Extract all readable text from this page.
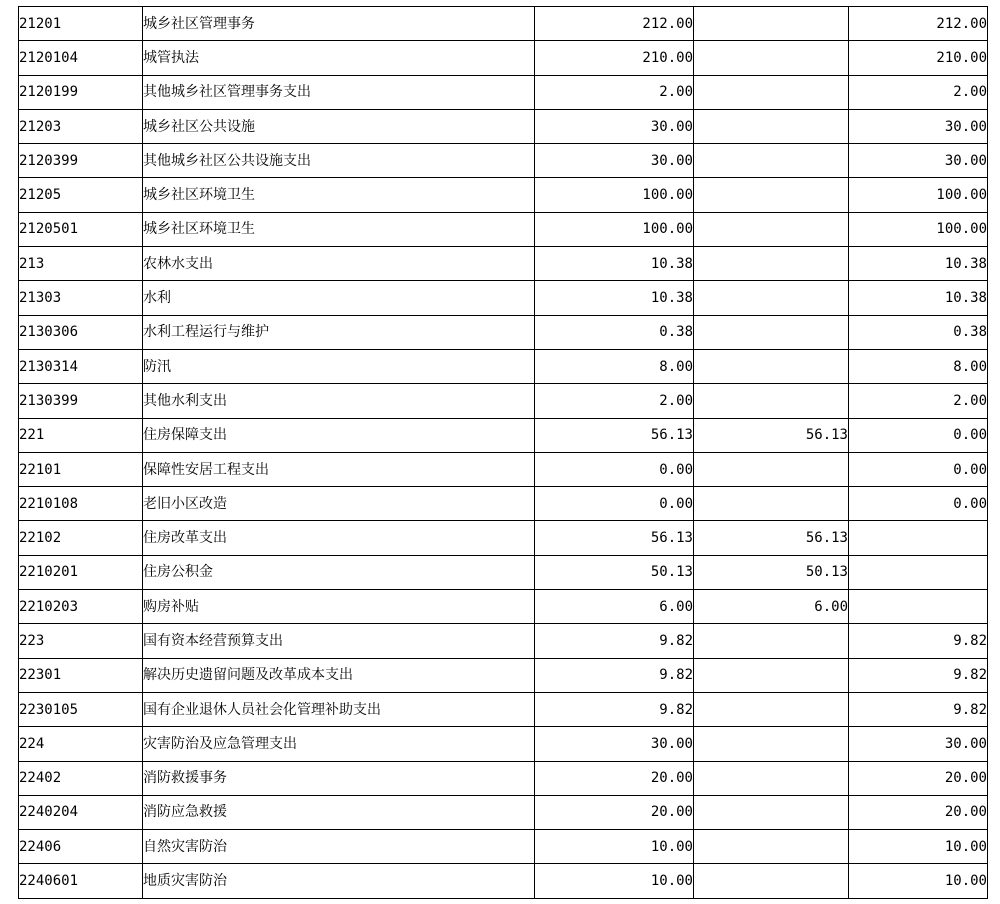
21201	城乡社区管理事务	212.00		212.00
2120104	城管执法	210.00		210.00
2120199	其他城乡社区管理事务支出	2.00		2.00
21203	城乡社区公共设施	30.00		30.00
2120399	其他城乡社区公共设施支出	30.00		30.00
21205	城乡社区环境卫生	100.00		100.00
2120501	城乡社区环境卫生	100.00		100.00
213	农林水支出	10.38		10.38
21303	水利	10.38		10.38
2130306	水利工程运行与维护	0.38		0.38
2130314	防汛	8.00		8.00
2130399	其他水利支出	2.00		2.00
221	住房保障支出	56.13	56.13	0.00
22101	保障性安居工程支出	0.00		0.00
2210108	老旧小区改造	0.00		0.00
22102	住房改革支出	56.13	56.13	
2210201	住房公积金	50.13	50.13	
2210203	购房补贴	6.00	6.00	
223	国有资本经营预算支出	9.82		9.82
22301	解决历史遗留问题及改革成本支出	9.82		9.82
2230105	国有企业退休人员社会化管理补助支出	9.82		9.82
224	灾害防治及应急管理支出	30.00		30.00
22402	消防救援事务	20.00		20.00
2240204	消防应急救援	20.00		20.00
22406	自然灾害防治	10.00		10.00
2240601	地质灾害防治	10.00		10.00
